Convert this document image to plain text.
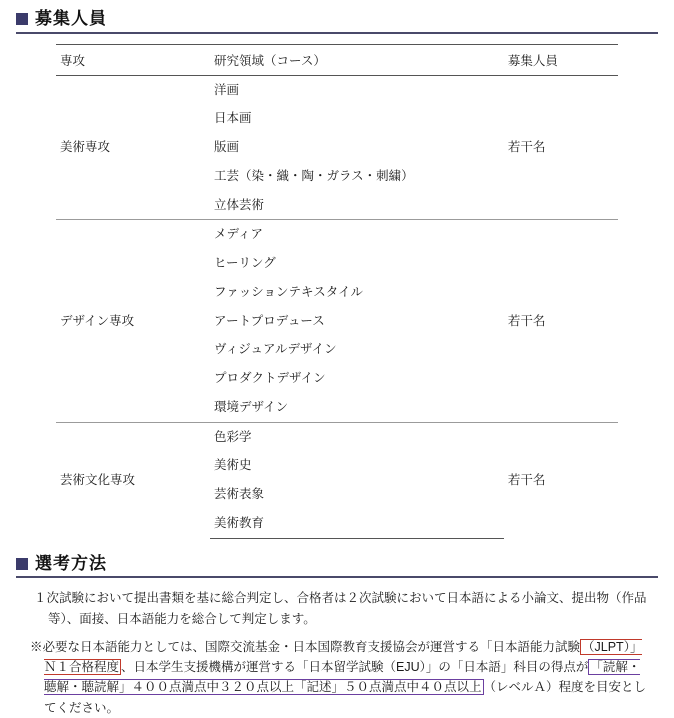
募集人員
専攻	研究領域（コース）	募集人員
美術専攻	洋画	若干名
	日本画	
	版画	
	工芸（染・織・陶・ガラス・刺繍）	
	立体芸術	
デザイン専攻	メディア	若干名
	ヒーリング	
	ファッションテキスタイル	
	アートプロデュース	
	ヴィジュアルデザイン	
	プロダクトデザイン	
	環境デザイン	
芸術文化専攻	色彩学	若干名
	美術史	
	芸術表象	
	美術教育	
選考方法

１次試験において提出書類を基に総合判定し、合格者は２次試験において日本語による小論文、提出物（作品等）、面接、日本語能力を総合して判定します。

※必要な日本語能力としては、国際交流基金・日本国際教育支援協会が運営する「日本語能力試験 （JLPT）」Ｎ１合格程度 、日本学生支援機構が運営する「日本留学試験（EJU）」の「日本語」科目の得点が 「読解・聴解・聴読解」４００点満点中３２０点以上「記述」５０点満点中４０点以上 （レベルＡ）程度を目安としてください。
